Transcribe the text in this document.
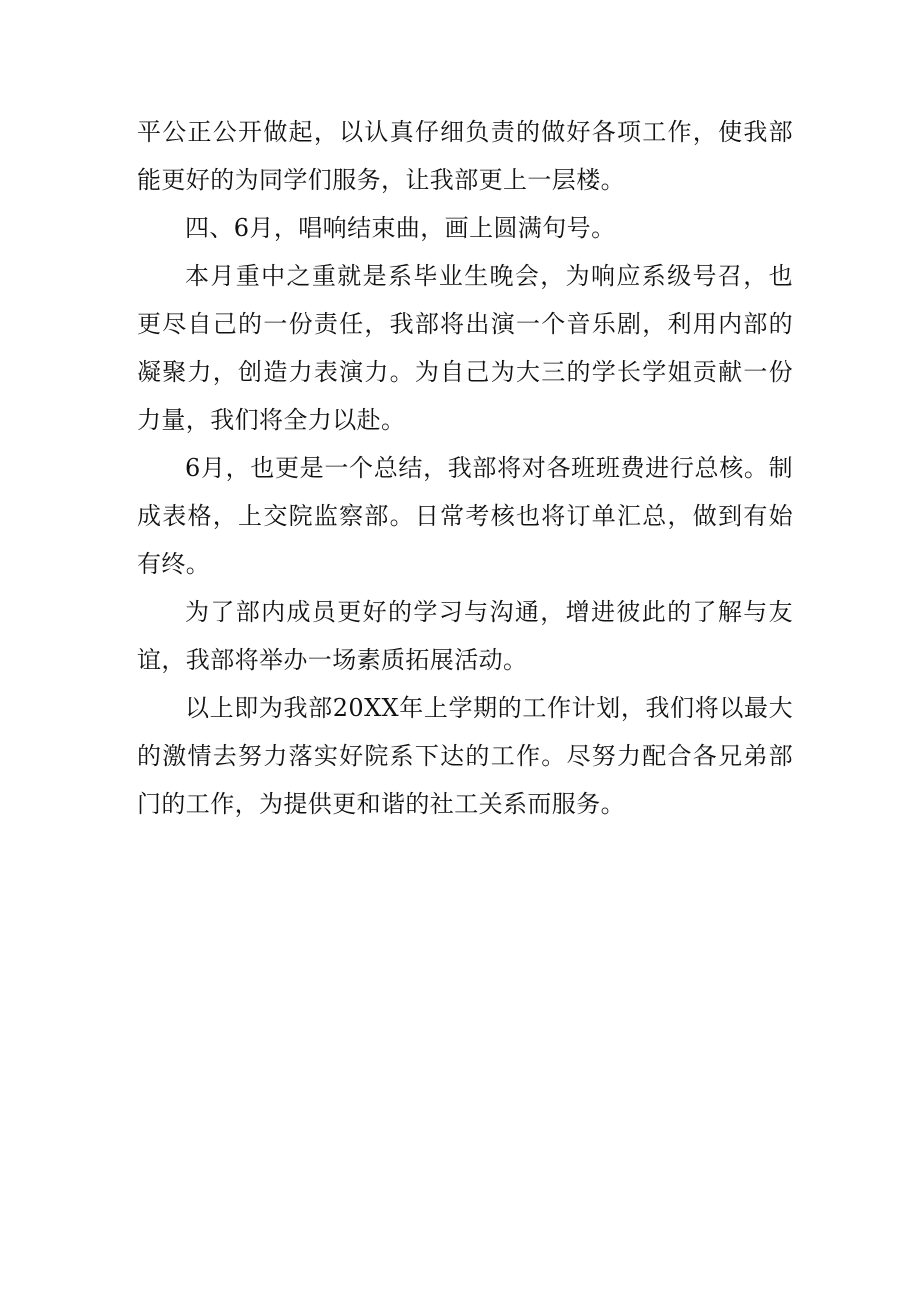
平公正公开做起，以认真仔细负责的做好各项工作，使我部能更好的为同学们服务，让我部更上一层楼。

四、6月，唱响结束曲，画上圆满句号。

本月重中之重就是系毕业生晚会，为响应系级号召，也更尽自己的一份责任，我部将出演一个音乐剧，利用内部的凝聚力，创造力表演力。为自己为大三的学长学姐贡献一份力量，我们将全力以赴。

6月，也更是一个总结，我部将对各班班费进行总核。制成表格，上交院监察部。日常考核也将订单汇总，做到有始有终。

为了部内成员更好的学习与沟通，增进彼此的了解与友谊，我部将举办一场素质拓展活动。

以上即为我部20XX年上学期的工作计划，我们将以最大的激情去努力落实好院系下达的工作。尽努力配合各兄弟部门的工作，为提供更和谐的社工关系而服务。
